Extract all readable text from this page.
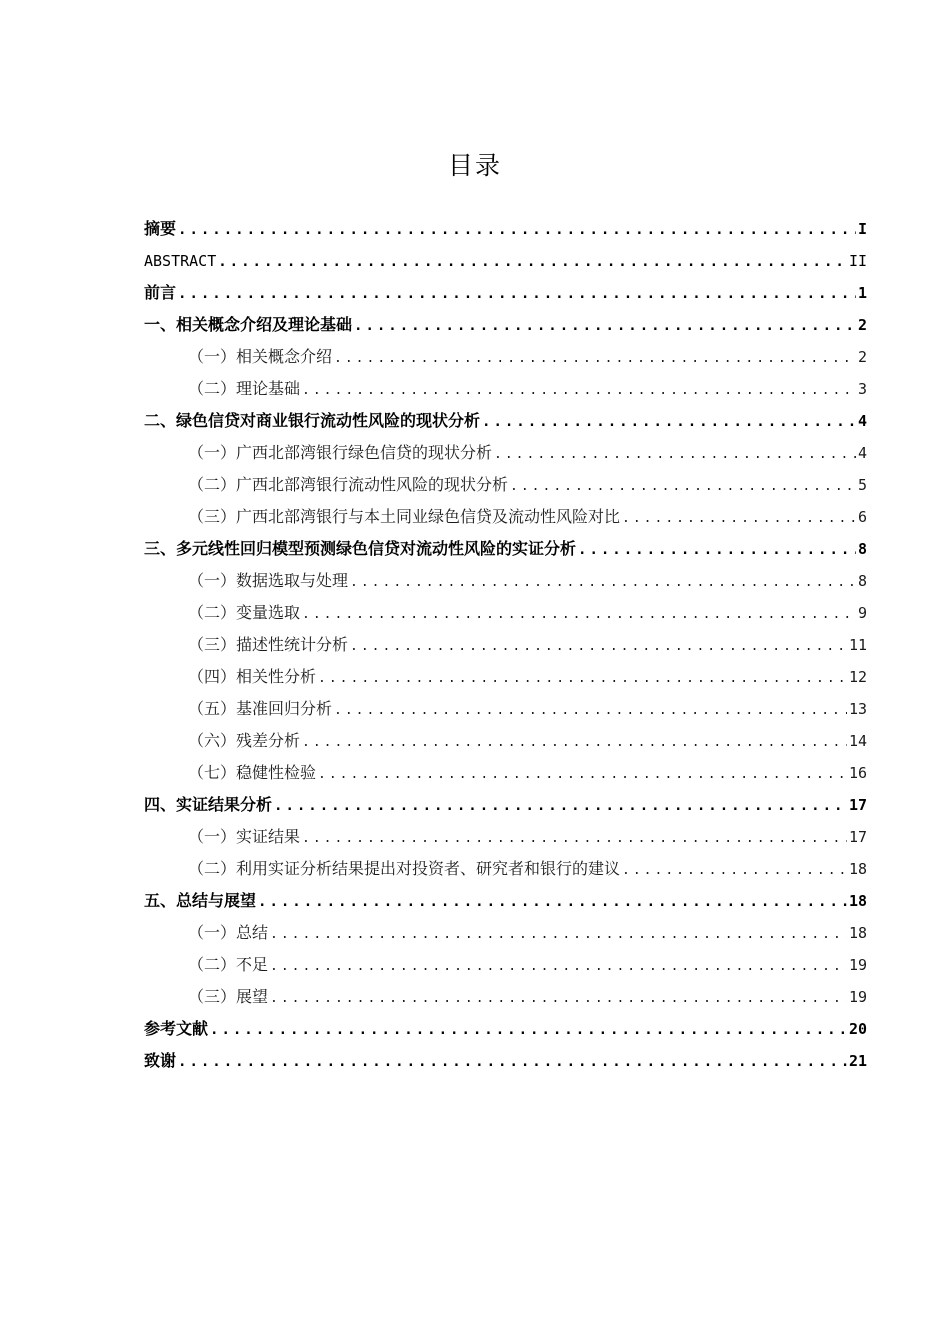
目录
摘要 .....	I
ABSTRACT .....	II
前言 .....	1
一、相关概念介绍及理论基础 .....	2
（一）相关概念介绍 .....	2
（二）理论基础 .....	3
二、绿色信贷对商业银行流动性风险的现状分析 .....	4
（一）广西北部湾银行绿色信贷的现状分析 .....	4
（二）广西北部湾银行流动性风险的现状分析 .....	5
（三）广西北部湾银行与本土同业绿色信贷及流动性风险对比 .....	6
三、多元线性回归模型预测绿色信贷对流动性风险的实证分析 .....	8
（一）数据选取与处理 .....	8
（二）变量选取 .....	9
（三）描述性统计分析 .....	11
（四）相关性分析 .....	12
（五）基准回归分析 .....	13
（六）残差分析 .....	14
（七）稳健性检验 .....	16
四、实证结果分析 .....	17
（一）实证结果 .....	17
（二）利用实证分析结果提出对投资者、研究者和银行的建议 .....	18
五、总结与展望 .....	18
（一）总结 .....	18
（二）不足 .....	19
（三）展望 .....	19
参考文献 .....	20
致谢 .....	21
